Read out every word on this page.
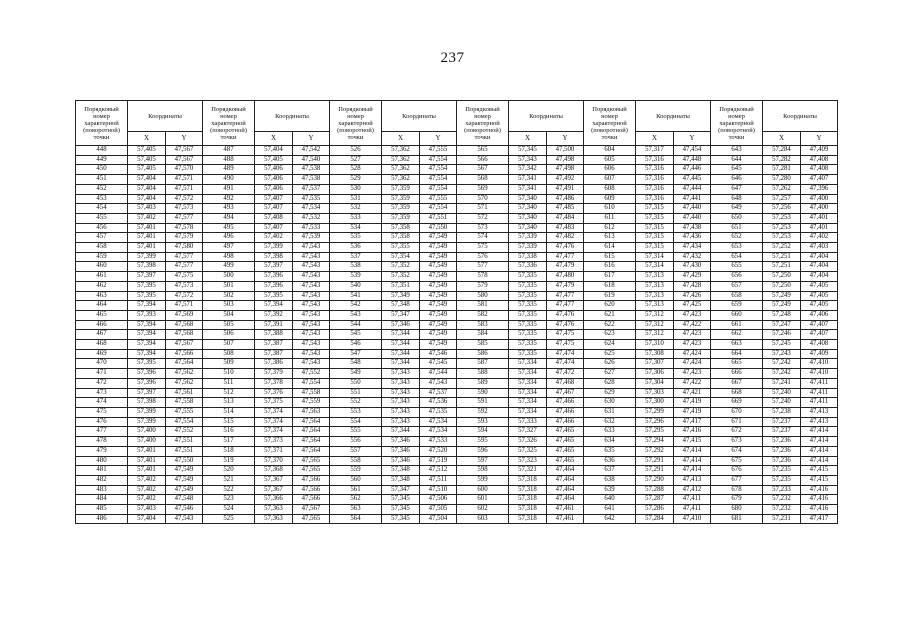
237
Порядковый номер характерной (поворотной) точки	Координаты		Порядковый номер характерной (поворотной) точки	Координаты		Порядковый номер характерной (поворотной) точки	Координаты		Порядковый номер характерной (поворотной) точки	Координаты		Порядковый номер характерной (поворотной) точки	Координаты		Порядковый номер характерной (поворотной) точки	Координаты	
	X	Y		X	Y		X	Y		X	Y		X	Y		X	Y
448	57,405	47,567	487	57,404	47,542	526	57,362	47,555	565	57,345	47,500	604	57,317	47,454	643	57,284	47,409
449	57,405	47,567	488	57,405	47,540	527	57,362	47,554	566	57,343	47,498	605	57,316	47,448	644	57,282	47,408
450	57,405	47,570	489	57,406	47,538	528	57,362	47,554	567	57,342	47,498	606	57,316	47,446	645	57,281	47,408
451	57,404	47,571	490	57,406	47,538	529	57,362	47,554	568	57,341	47,492	607	57,316	47,445	646	57,280	47,407
452	57,404	47,571	491	57,406	47,537	530	57,359	47,554	569	57,341	47,491	608	57,316	47,444	647	57,262	47,396
453	57,404	47,572	492	57,407	47,535	531	57,359	47,555	570	57,340	47,486	609	57,316	47,441	648	57,257	47,400
454	57,403	47,573	493	57,407	47,534	532	57,359	47,554	571	57,340	47,485	610	57,315	47,440	649	57,256	47,400
455	57,402	47,577	494	57,408	47,532	533	57,359	47,551	572	57,340	47,484	611	57,315	47,440	650	57,253	47,401
456	57,401	47,578	495	57,407	47,533	534	57,358	47,550	573	57,340	47,483	612	57,315	47,438	651	57,253	47,401
457	57,401	47,579	496	57,402	47,539	535	57,358	47,549	574	57,339	47,482	613	57,315	47,436	652	57,253	47,402
458	57,401	47,580	497	57,399	47,543	536	57,355	47,549	575	57,339	47,476	614	57,315	47,434	653	57,252	47,403
459	57,399	47,577	498	57,398	47,543	537	57,354	47,549	576	57,338	47,477	615	57,314	47,432	654	57,251	47,404
460	57,398	47,577	499	57,397	47,543	538	57,352	47,549	577	57,336	47,479	616	57,314	47,430	655	57,251	47,404
461	57,397	47,575	500	57,396	47,543	539	57,352	47,549	578	57,335	47,480	617	57,313	47,429	656	57,250	47,404
462	57,395	47,573	501	57,396	47,543	540	57,351	47,549	579	57,335	47,479	618	57,313	47,428	657	57,250	47,405
463	57,395	47,572	502	57,395	47,543	541	57,349	47,549	580	57,335	47,477	619	57,313	47,426	658	57,249	47,405
464	57,394	47,571	503	57,394	47,543	542	57,348	47,549	581	57,335	47,477	620	57,313	47,425	659	57,249	47,405
465	57,393	47,569	504	57,392	47,543	543	57,347	47,549	582	57,335	47,476	621	57,312	47,423	660	57,248	47,406
466	57,394	47,568	505	57,391	47,543	544	57,346	47,549	583	57,335	47,476	622	57,312	47,422	661	57,247	47,407
467	57,394	47,568	506	57,388	47,543	545	57,344	47,549	584	57,335	47,475	623	57,312	47,423	662	57,246	47,407
468	57,394	47,567	507	57,387	47,543	546	57,344	47,549	585	57,335	47,475	624	57,310	47,423	663	57,245	47,408
469	57,394	47,566	508	57,387	47,543	547	57,344	47,546	586	57,335	47,474	625	57,308	47,424	664	57,243	47,409
470	57,395	47,564	509	57,386	47,543	548	57,344	47,545	587	57,334	47,474	626	57,307	47,424	665	57,242	47,410
471	57,396	47,562	510	57,379	47,552	549	57,343	47,544	588	57,334	47,472	627	57,306	47,423	666	57,242	47,410
472	57,396	47,562	511	57,378	47,554	550	57,343	47,543	589	57,334	47,468	628	57,304	47,422	667	57,241	47,411
473	57,397	47,561	512	57,376	47,558	551	57,343	47,537	590	57,334	47,467	629	57,303	47,421	668	57,240	47,411
474	57,398	47,558	513	57,375	47,559	552	57,343	47,536	591	57,334	47,466	630	57,300	47,419	669	57,240	47,411
475	57,399	47,555	514	57,374	47,563	553	57,343	47,535	592	57,334	47,466	631	57,299	47,419	670	57,238	47,413
476	57,399	47,554	515	57,374	47,564	554	57,343	47,534	593	57,333	47,466	632	57,296	47,417	671	57,237	47,413
477	57,400	47,552	516	57,374	47,564	555	57,344	47,534	594	57,327	47,465	633	57,295	47,416	672	57,237	47,414
478	57,400	47,551	517	57,373	47,564	556	57,346	47,533	595	57,326	47,465	634	57,294	47,415	673	57,236	47,414
479	57,401	47,551	518	57,371	47,564	557	57,346	47,520	596	57,325	47,465	635	57,292	47,414	674	57,236	47,414
480	57,401	47,550	519	57,370	47,565	558	57,346	47,519	597	57,323	47,465	636	57,291	47,414	675	57,236	47,414
481	57,401	47,549	520	57,368	47,565	559	57,348	47,512	598	57,321	47,464	637	57,291	47,414	676	57,235	47,415
482	57,402	47,549	521	57,367	47,566	560	57,348	47,511	599	57,318	47,464	638	57,290	47,413	677	57,235	47,415
483	57,402	47,549	522	57,367	47,566	561	57,347	47,510	600	57,318	47,464	639	57,288	47,412	678	57,233	47,416
484	57,402	47,548	523	57,366	47,566	562	57,345	47,506	601	57,318	47,464	640	57,287	47,411	679	57,232	47,416
485	57,403	47,546	524	57,363	47,567	563	57,345	47,505	602	57,318	47,461	641	57,286	47,411	680	57,232	47,416
486	57,404	47,543	525	57,363	47,565	564	57,345	47,504	603	57,318	47,461	642	57,284	47,410	681	57,231	47,417
